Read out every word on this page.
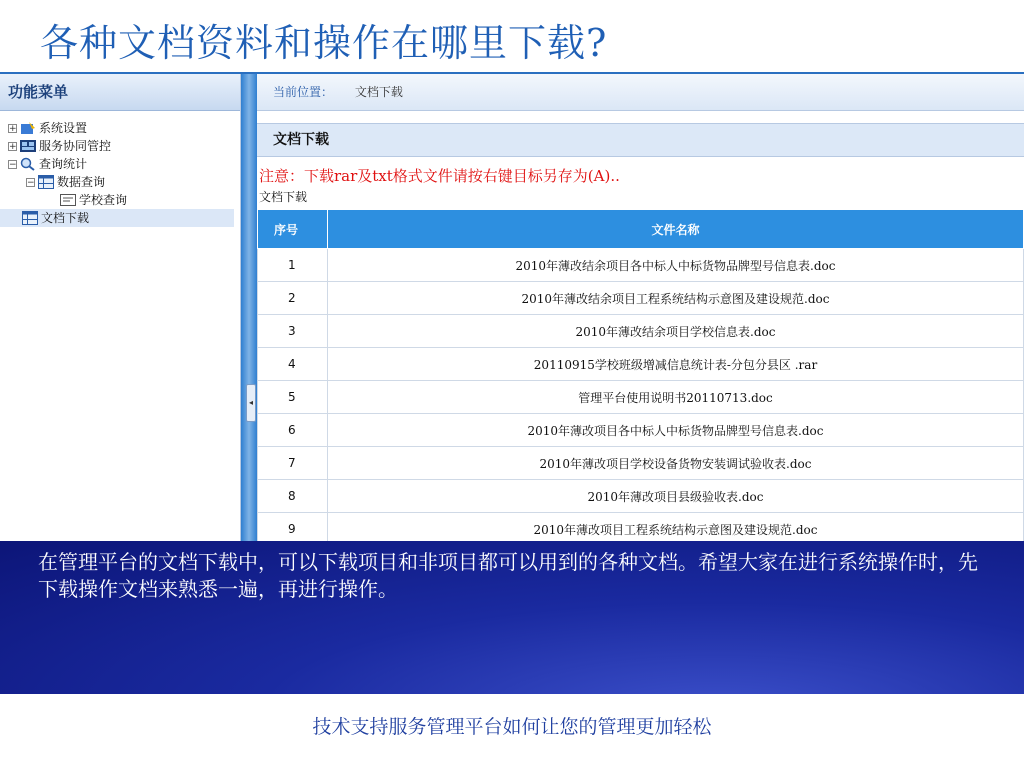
各种文档资料和操作在哪里下载?
功能菜单
+ 系统设置
+ 服务协同管控
− 查询统计
− 数据查询
学校查询
文档下载
◂
当前位置： 文档下载
文档下载
注意：下载rar及txt格式文件请按右键目标另存为(A)..
文档下载
序号	文件名称
1	2010年薄改结余项目各中标人中标货物品牌型号信息表.doc
2	2010年薄改结余项目工程系统结构示意图及建设规范.doc
3	2010年薄改结余项目学校信息表.doc
4	20110915学校班级增减信息统计表-分包分县区 .rar
5	管理平台使用说明书20110713.doc
6	2010年薄改项目各中标人中标货物品牌型号信息表.doc
7	2010年薄改项目学校设备货物安装调试验收表.doc
8	2010年薄改项目县级验收表.doc
9	2010年薄改项目工程系统结构示意图及建设规范.doc
在管理平台的文档下载中，可以下载项目和非项目都可以用到的各种文档。希望大家在进行系统操作时，先下载操作文档来熟悉一遍，再进行操作。
技术支持服务管理平台如何让您的管理更加轻松
